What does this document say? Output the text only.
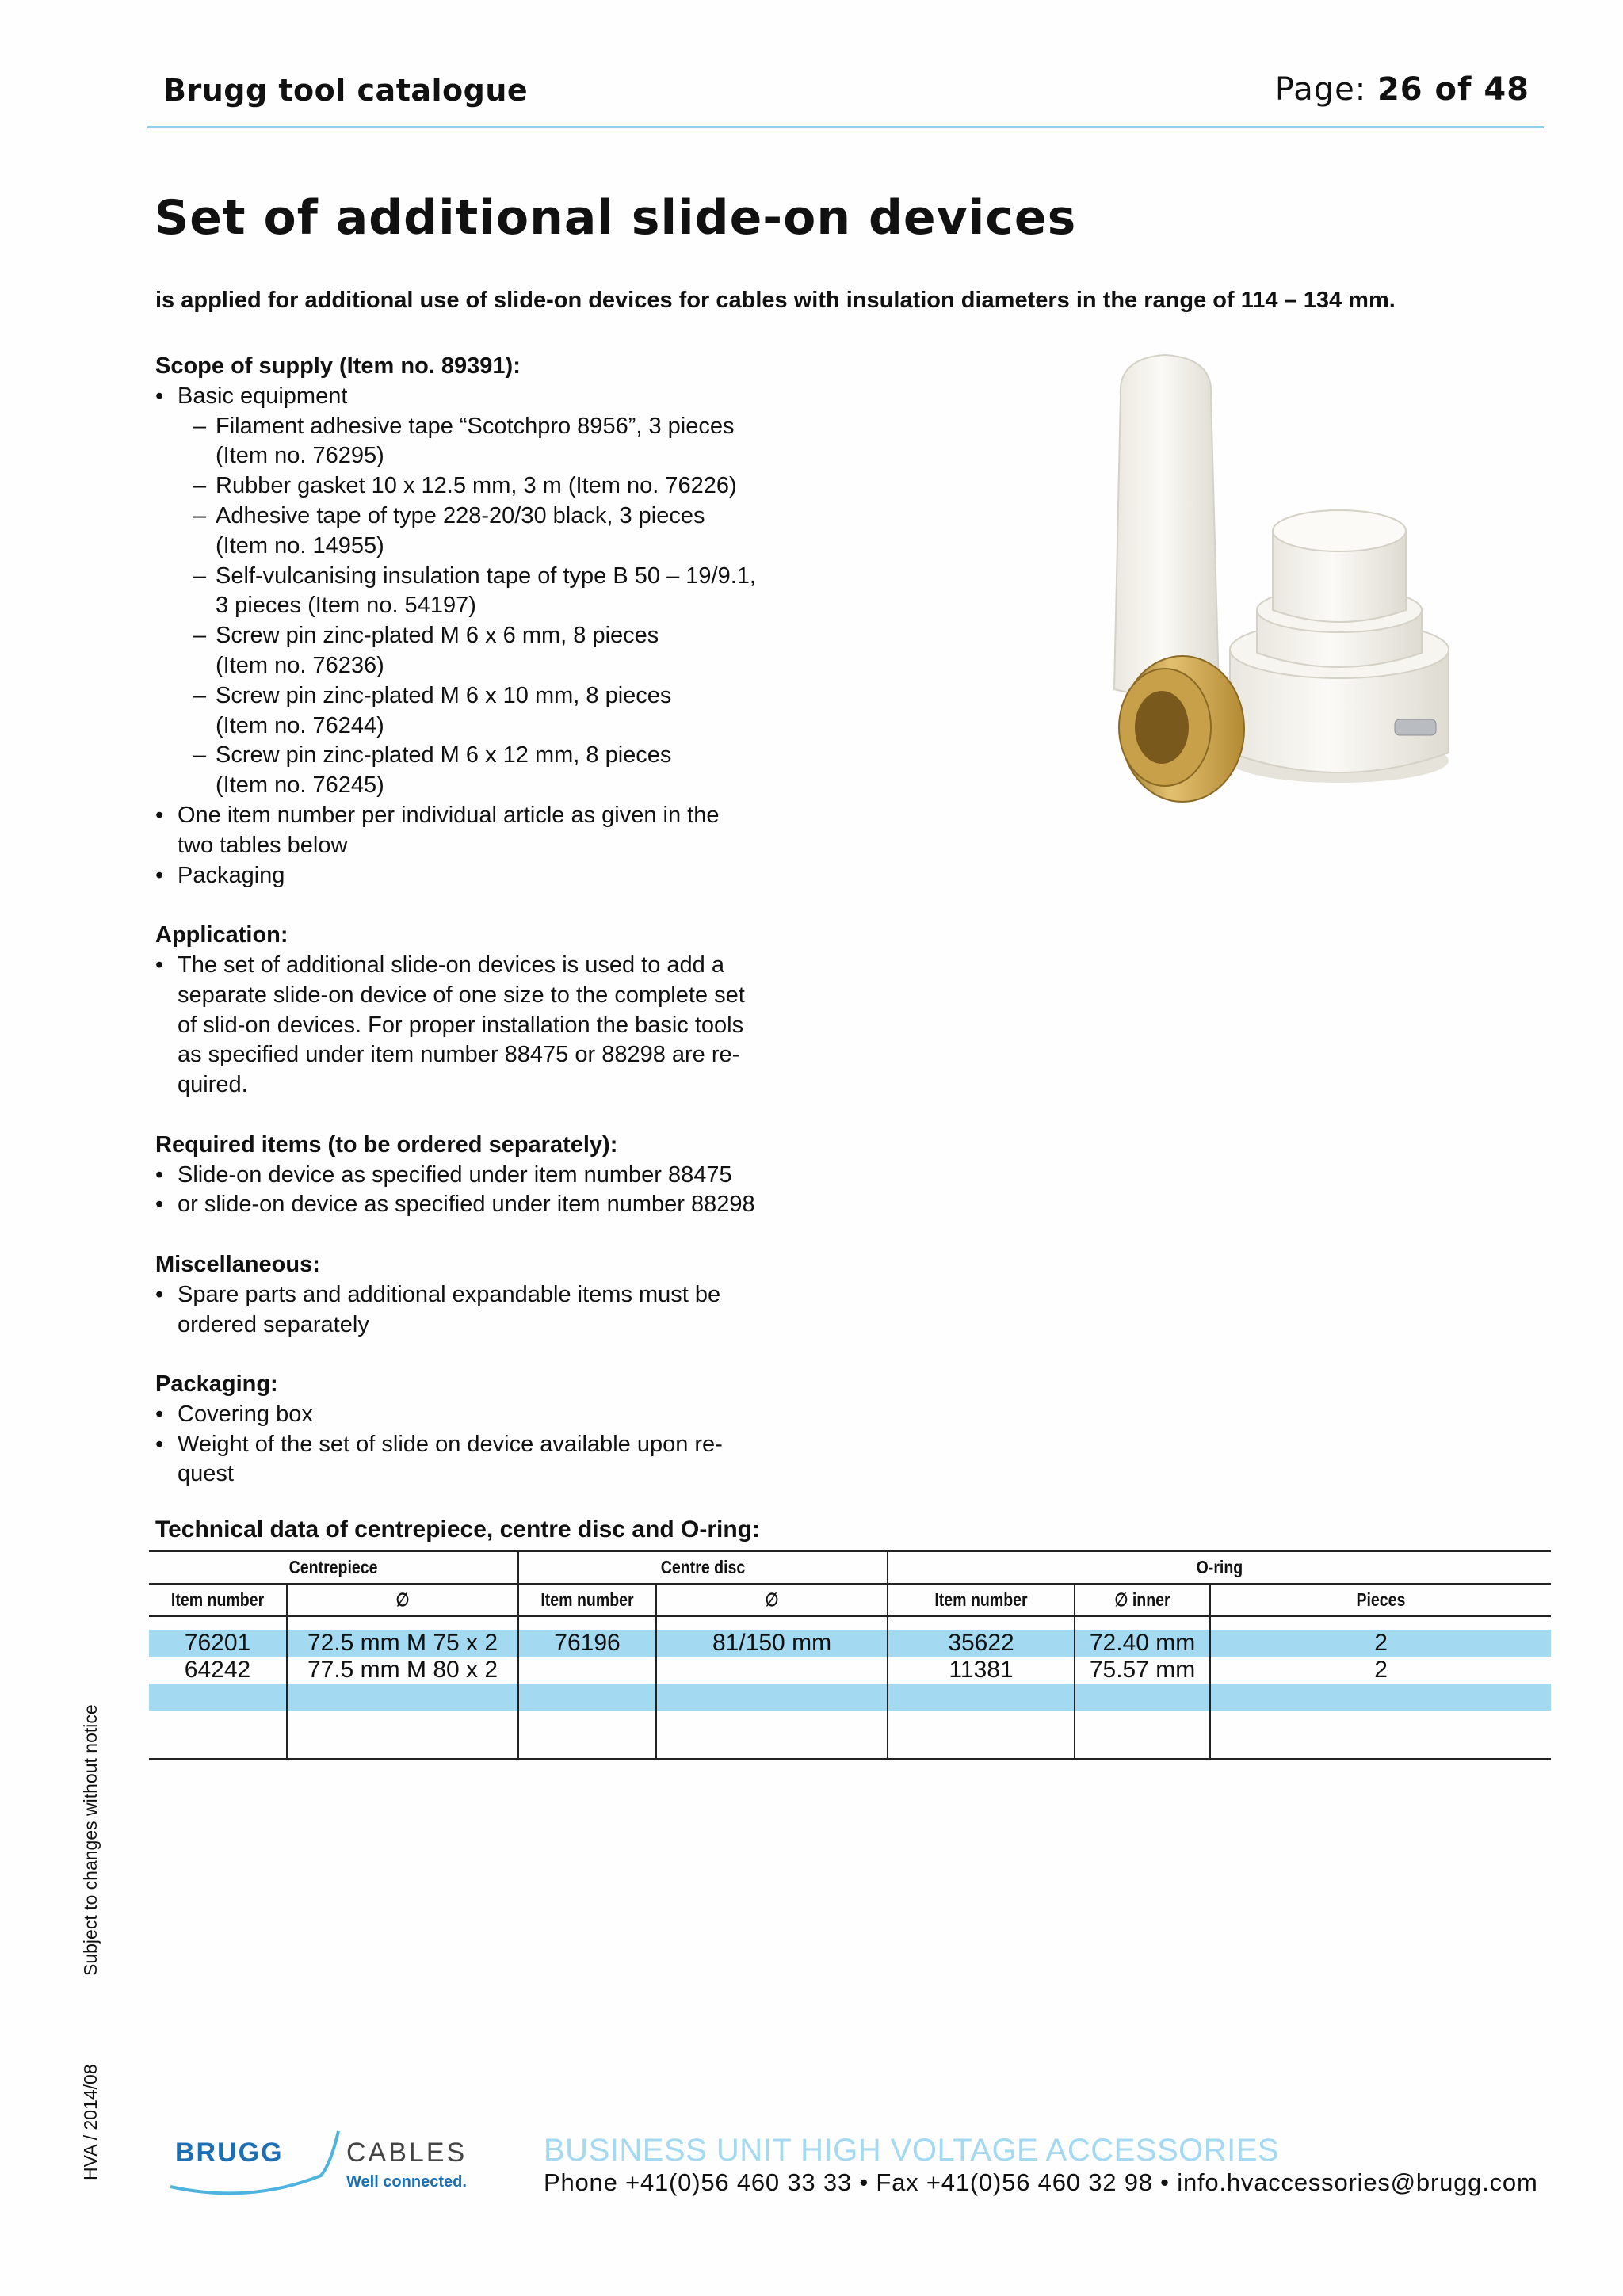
Brugg tool catalogue	Page: 26 of 48
Set of additional slide-on devices
is applied for additional use of slide-on devices for cables with insulation diameters in the range of 114 – 134 mm.
Scope of supply (Item no. 89391):
• Basic equipment
– Filament adhesive tape “Scotchpro 8956”, 3 pieces
(Item no. 76295)
– Rubber gasket 10 x 12.5 mm, 3 m (Item no. 76226)
– Adhesive tape of type 228-20/30 black, 3 pieces
(Item no. 14955)
– Self-vulcanising insulation tape of type B 50 – 19/9.1,
3 pieces (Item no. 54197)
– Screw pin zinc-plated M 6 x 6 mm, 8 pieces
(Item no. 76236)
– Screw pin zinc-plated M 6 x 10 mm, 8 pieces
(Item no. 76244)
– Screw pin zinc-plated M 6 x 12 mm, 8 pieces
(Item no. 76245)
• One item number per individual article as given in the
two tables below
• Packaging
Application:
• The set of additional slide-on devices is used to add a
separate slide-on device of one size to the complete set
of slid-on devices. For proper installation the basic tools
as specified under item number 88475 or 88298 are re-
quired.
Required items (to be ordered separately):
• Slide-on device as specified under item number 88475
• or slide-on device as specified under item number 88298
Miscellaneous:
• Spare parts and additional expandable items must be
ordered separately
Packaging:
• Covering box
• Weight of the set of slide on device available upon re-
quest
Technical data of centrepiece, centre disc and O-ring:
Centrepiece		Centre disc		O-ring		
Item number	∅	Item number	∅	Item number	∅ inner	Pieces

76201	72.5 mm M 75 x 2	76196	81/150 mm	35622	72.40 mm	2
64242	77.5 mm M 80 x 2			11381	75.57 mm	2

Subject to changes without notice
HVA / 2014/08	BRUGG CABLES
Well connected.
BUSINESS UNIT HIGH VOLTAGE ACCESSORIES
Phone +41(0)56 460 33 33 • Fax +41(0)56 460 32 98 • info.hvaccessories@brugg.com
